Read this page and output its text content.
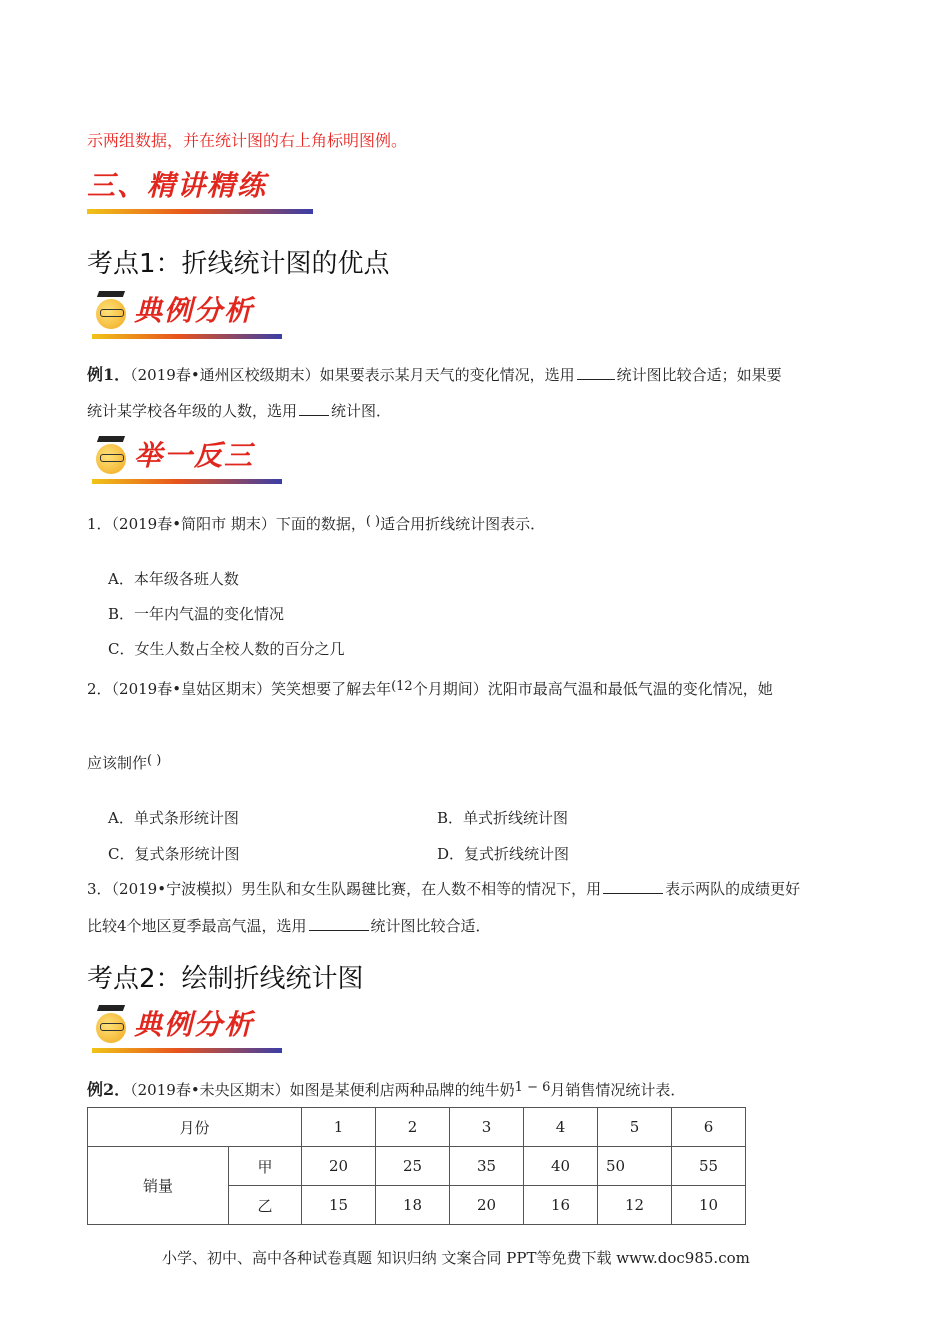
示两组数据，并在统计图的右上角标明图例。
三、精讲精练
考点1：折线统计图的优点
典例分析
例1．（2019春•通州区校级期末）如果要表示某月天气的变化情况，选用	统计图比较合适；如果要
统计某学校各年级的人数，选用 统计图．
举一反三
1．（2019春•简阳市 期末）下面的数据，( )适合用折线统计图表示．
A．本年级各班人数
B．一年内气温的变化情况
C．女生人数占全校人数的百分之几
2．（2019春•皇姑区期末）笑笑想要了解去年(12个月期间）沈阳市最高气温和最低气温的变化情况，她
应该制作( )
A．单式条形统计图	B．单式折线统计图
C．复式条形统计图	D．复式折线统计图
3．（2019•宁波模拟）男生队和女生队踢毽比赛，在人数不相等的情况下，用	表示两队的成绩更好
比较4个地区夏季最高气温，选用	统计图比较合适．
考点2：绘制折线统计图
典例分析
例2．（2019春•未央区期末）如图是某便利店两种品牌的纯牛奶1 − 6月销售情况统计表．
月份		1	2	3	4	5	6
销量	甲	20	25	35	40	50	55
	乙	15	18	20	16	12	10
小学、初中、高中各种试卷真题 知识归纳 文案合同 PPT等免费下载 www.doc985.com
